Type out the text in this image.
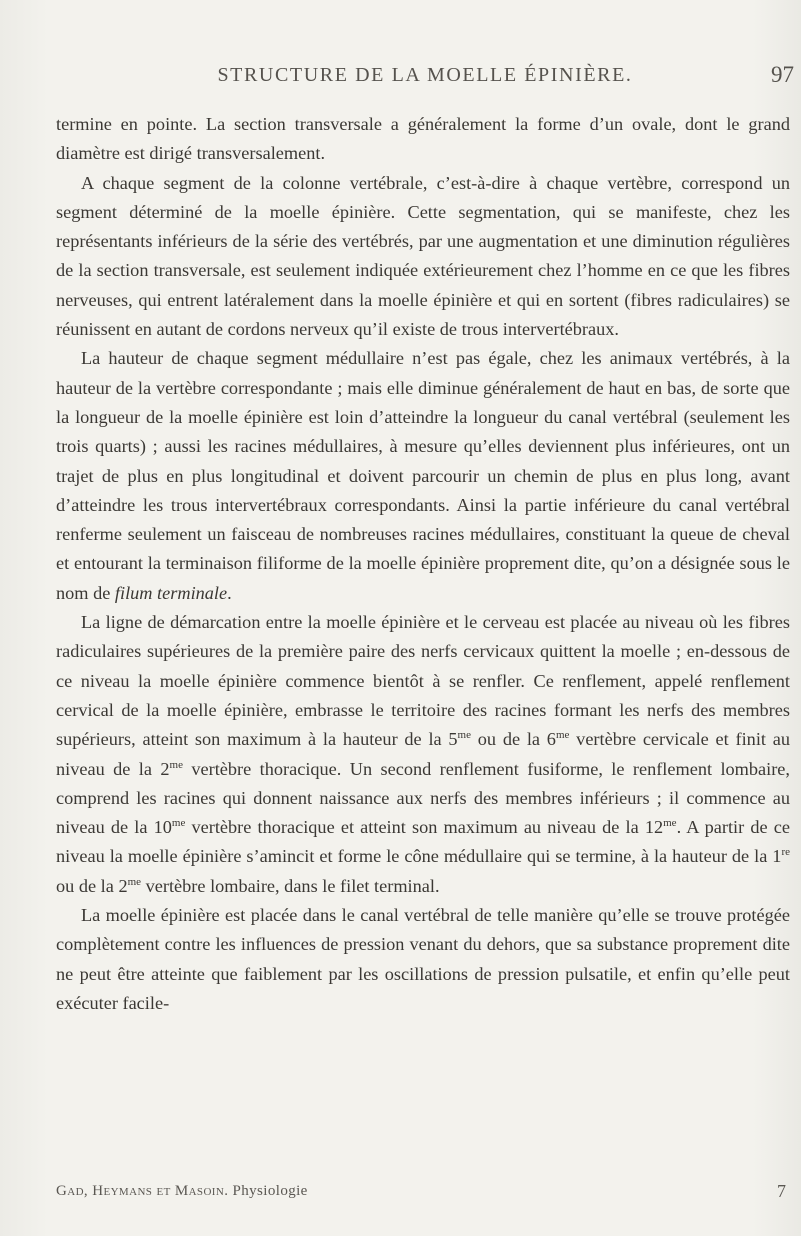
STRUCTURE DE LA MOELLE ÉPINIÈRE.	97

termine en pointe. La section transversale a généralement la forme d’un ovale, dont le grand diamètre est dirigé transversalement.

A chaque segment de la colonne vertébrale, c’est-à-dire à chaque vertèbre, correspond un segment déterminé de la moelle épinière. Cette segmentation, qui se manifeste, chez les représentants inférieurs de la série des vertébrés, par une augmentation et une diminution régulières de la section transversale, est seulement indiquée extérieurement chez l’homme en ce que les fibres nerveuses, qui entrent latéralement dans la moelle épinière et qui en sortent (fibres radiculaires) se réunissent en autant de cordons nerveux qu’il existe de trous intervertébraux.

La hauteur de chaque segment médullaire n’est pas égale, chez les animaux vertébrés, à la hauteur de la vertèbre correspondante ; mais elle diminue généralement de haut en bas, de sorte que la longueur de la moelle épinière est loin d’atteindre la longueur du canal vertébral (seulement les trois quarts) ; aussi les racines médullaires, à mesure qu’elles deviennent plus inférieures, ont un trajet de plus en plus longitudinal et doivent parcourir un chemin de plus en plus long, avant d’atteindre les trous intervertébraux correspondants. Ainsi la partie inférieure du canal vertébral renferme seulement un faisceau de nombreuses racines médullaires, constituant la queue de cheval et entourant la terminaison filiforme de la moelle épinière proprement dite, qu’on a désignée sous le nom de filum terminale.

La ligne de démarcation entre la moelle épinière et le cerveau est placée au niveau où les fibres radiculaires supérieures de la première paire des nerfs cervicaux quittent la moelle ; en-dessous de ce niveau la moelle épinière commence bientôt à se renfler. Ce renflement, appelé renflement cervical de la moelle épinière, embrasse le territoire des racines formant les nerfs des membres supérieurs, atteint son maximum à la hauteur de la $5^{me}$ ou de la $6^{me}$ vertèbre cervicale et finit au niveau de la $2^{me}$ vertèbre thoracique. Un second renflement fusiforme, le renflement lombaire, comprend les racines qui donnent naissance aux nerfs des membres inférieurs ; il commence au niveau de la $10^{me}$ vertèbre thoracique et atteint son maximum au niveau de la $12^{me}$. A partir de ce niveau la moelle épinière s’amincit et forme le cône médullaire qui se termine, à la hauteur de la 1re ou de la $2^{me}$ vertèbre lombaire, dans le filet terminal.

La moelle épinière est placée dans le canal vertébral de telle manière qu’elle se trouve protégée complètement contre les influences de pression venant du dehors, que sa substance proprement dite ne peut être atteinte que faiblement par les oscillations de pression pulsatile, et enfin qu’elle peut exécuter facile-

Gad, Heymans et Masoin. Physiologie	7
